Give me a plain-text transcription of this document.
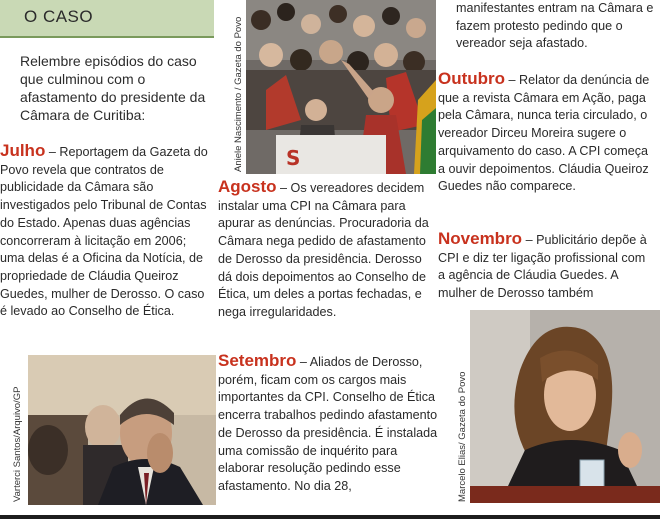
O CASO
Relembre episódios do caso que culminou com o afastamento do presidente da Câmara de Curitiba:

Julho – Reportagem da Gazeta do Povo revela que contratos de publicidade da Câmara são investigados pelo Tribunal de Contas do Estado. Apenas duas agências concorreram à licitação em 2006; uma delas é a Oficina da Notícia, de propriedade de Cláudia Queiroz Guedes, mulher de Derosso. O caso é levado ao Conselho de Ética.

Varterci Santos/Arquivo/GP
S
Aniele Nascimento / Gazeta do Povo

Agosto – Os vereadores decidem instalar uma CPI na Câmara para apurar as denúncias. Procuradoria da Câmara nega pedido de afastamento de Derosso da presidência. Derosso dá dois depoimentos ao Conselho de Ética, um deles a portas fechadas, e nega irregularidades.

Setembro – Aliados de Derosso, porém, ficam com os cargos mais importantes da CPI. Conselho de Ética encerra trabalhos pedindo afastamento de Derosso da presidência. É instalada uma comissão de inquérito para elaborar resolução pedindo esse afastamento. No dia 28,

manifestantes entram na Câmara e fazem protesto pedindo que o vereador seja afastado.

Outubro – Relator da denúncia de que a revista Câmara em Ação, paga pela Câmara, nunca teria circulado, o vereador Dirceu Moreira sugere o arquivamento do caso. A CPI começa a ouvir depoimentos. Cláudia Queiroz Guedes não comparece.

Novembro – Publicitário depõe à CPI e diz ter ligação profissional com a agência de Cláudia Guedes. A mulher de Derosso também

Marcelo Elias/ Gazeta do Povo
